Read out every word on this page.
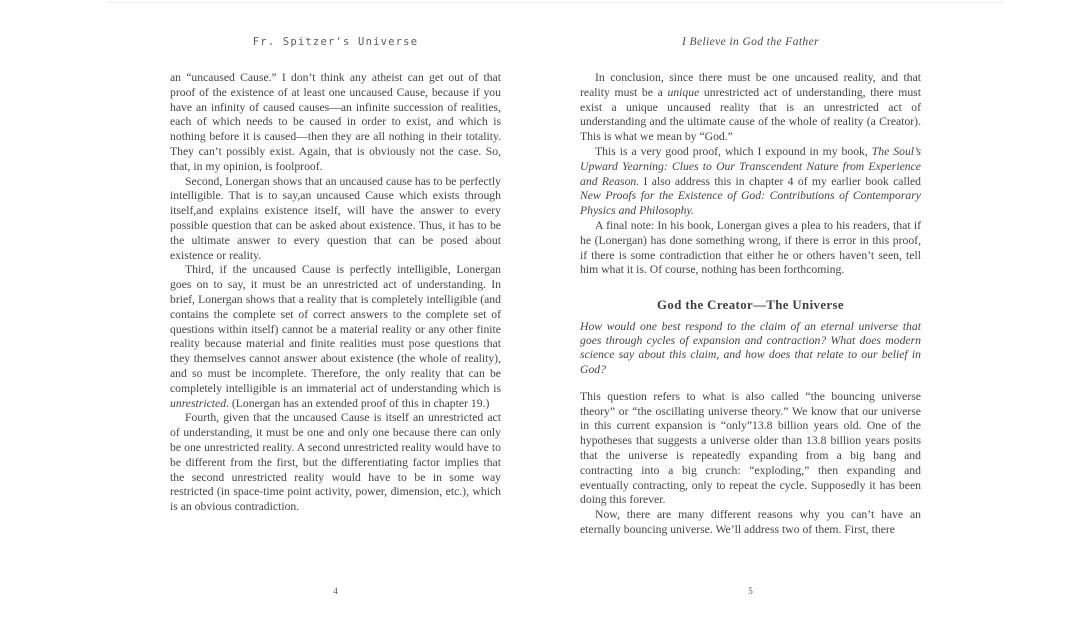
Fr. Spitzer's Universe

an “uncaused Cause.” I don’t think any atheist can get out of that proof of the existence of at least one uncaused Cause, because if you have an infinity of caused causes—an infinite succession of realities, each of which needs to be caused in order to exist, and which is nothing before it is caused—then they are all nothing in their totality. They can’t possibly exist. Again, that is obviously not the case. So, that, in my opinion, is foolproof.

Second, Lonergan shows that an uncaused cause has to be perfectly intelligible. That is to say,an uncaused Cause which exists through itself,and explains existence itself, will have the answer to every possible question that can be asked about existence. Thus, it has to be the ultimate answer to every question that can be posed about existence or reality.

Third, if the uncaused Cause is perfectly intelligible, Lonergan goes on to say, it must be an unrestricted act of understanding. In brief, Lonergan shows that a reality that is completely intelligible (and contains the complete set of correct answers to the complete set of questions within itself) cannot be a material reality or any other finite reality because material and finite realities must pose questions that they themselves cannot answer about existence (the whole of reality), and so must be incomplete. Therefore, the only reality that can be completely intelligible is an immaterial act of understanding which is unrestricted. (Lonergan has an extended proof of this in chapter 19.)

Fourth, given that the uncaused Cause is itself an unrestricted act of understanding, it must be one and only one because there can only be one unrestricted reality. A second unrestricted reality would have to be different from the first, but the differentiating factor implies that the second unrestricted reality would have to be in some way restricted (in space-time point activity, power, dimension, etc.), which is an obvious contradiction.

4
I Believe in God the Father

In conclusion, since there must be one uncaused reality, and that reality must be a unique unrestricted act of understanding, there must exist a unique uncaused reality that is an unrestricted act of understanding and the ultimate cause of the whole of reality (a Creator). This is what we mean by “God.”

This is a very good proof, which I expound in my book, The Soul’s Upward Yearning: Clues to Our Transcendent Nature from Experience and Reason. I also address this in chapter 4 of my earlier book called New Proofs for the Existence of God: Contributions of Contemporary Physics and Philosophy.

A final note: In his book, Lonergan gives a plea to his readers, that if he (Lonergan) has done something wrong, if there is error in this proof, if there is some contradiction that either he or others haven’t seen, tell him what it is. Of course, nothing has been forthcoming.

God the Creator—The Universe

How would one best respond to the claim of an eternal universe that goes through cycles of expansion and contraction? What does modern science say about this claim, and how does that relate to our belief in God?

This question refers to what is also called “the bouncing universe theory” or “the oscillating universe theory.” We know that our universe in this current expansion is “only”13.8 billion years old. One of the hypotheses that suggests a universe older than 13.8 billion years posits that the universe is repeatedly expanding from a big bang and contracting into a big crunch: “exploding,” then expanding and eventually contracting, only to repeat the cycle. Supposedly it has been doing this forever.

Now, there are many different reasons why you can’t have an eternally bouncing universe. We’ll address two of them. First, there

5
